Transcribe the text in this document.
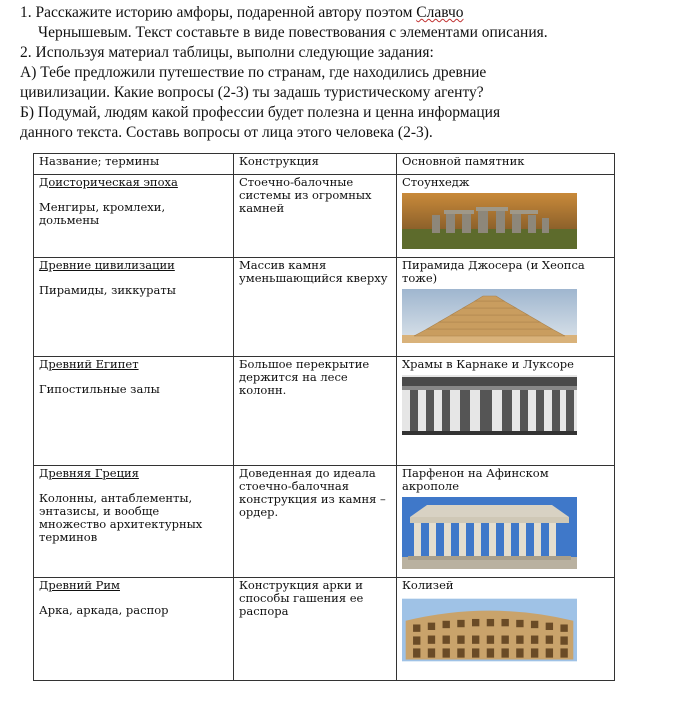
1. Расскажите историю амфоры, подаренной автору поэтом Славчо

Чернышевым. Текст составьте в виде повествования с элементами описания.

2. Используя материал таблицы, выполни следующие задания:

А) Тебе предложили путешествие по странам, где находились древние

цивилизации. Какие вопросы (2-3) ты задашь туристическому агенту?

Б) Подумай, людям какой профессии будет полезна и ценна информация

данного текста. Составь вопросы от лица этого человека (2-3).

Название; термины	Конструкция	Основной памятник

Доисторическая эпоха
Менгиры, кромлехи, дольмены	Стоечно-балочные системы из огромных камней	Стоунхедж

Древние цивилизации
Пирамиды, зиккураты	Массив камня уменьшающийся кверху	Пирамида Джосера (и Хеопса тоже)

Древний Египет
Гипостильные залы	Большое перекрытие держится на лесе колонн.	Храмы в Карнаке и Луксоре

Древняя Греция
Колонны, антаблементы, энтазисы, и вообще множество архитектурных терминов	Доведенная до идеала стоечно-балочная конструкция из камня – ордер.	Парфенон на Афинском акрополе

Древний Рим
Арка, аркада, распор	Конструкция арки и способы гашения ее распора	Колизей
